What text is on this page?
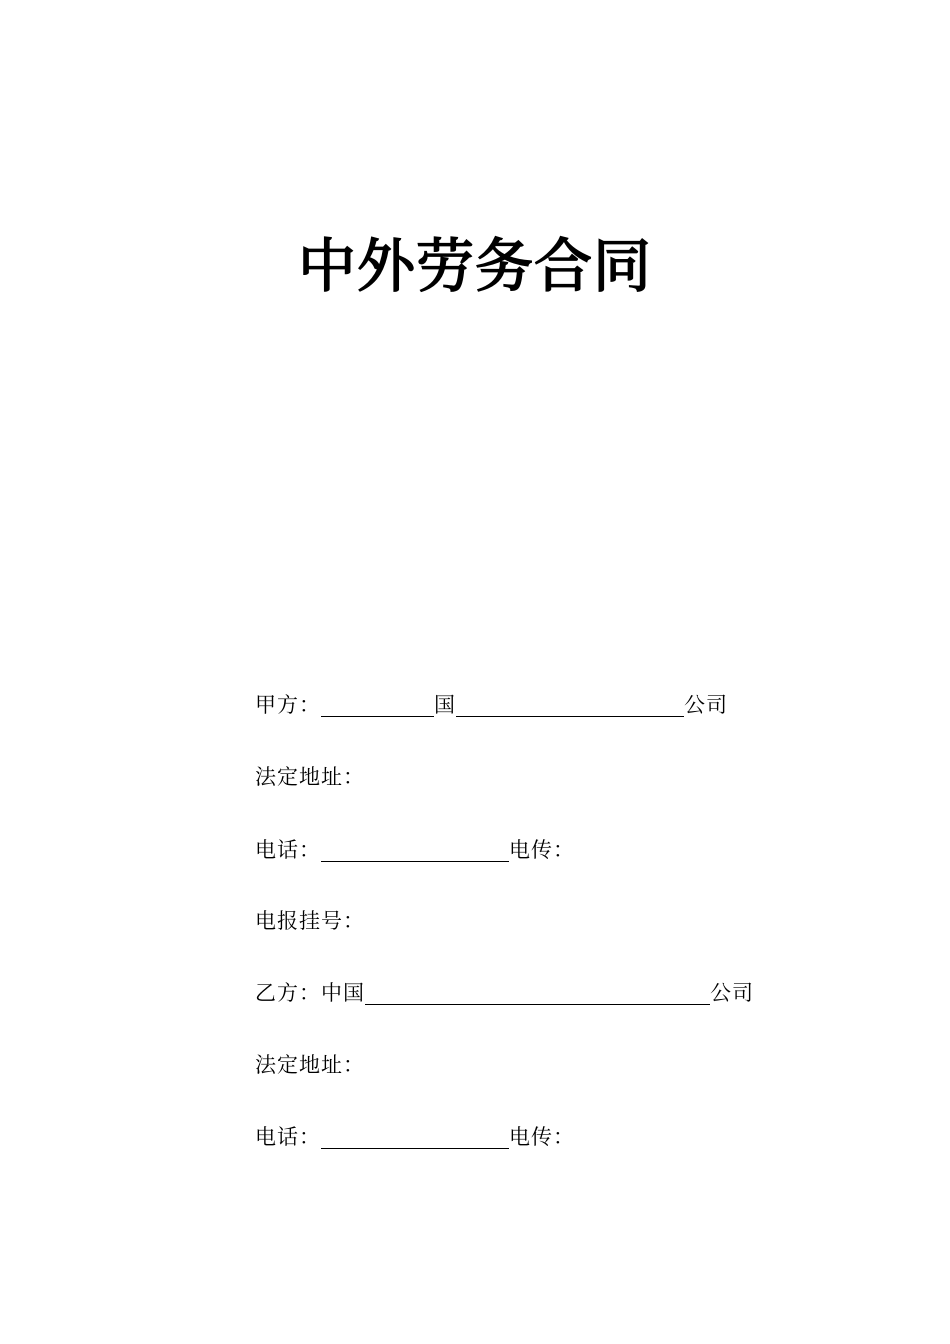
中外劳务合同
甲方：	国	公司
法定地址：
电话：	电传：
电报挂号：
乙方： 中国	公司
法定地址：
电话：	电传：
